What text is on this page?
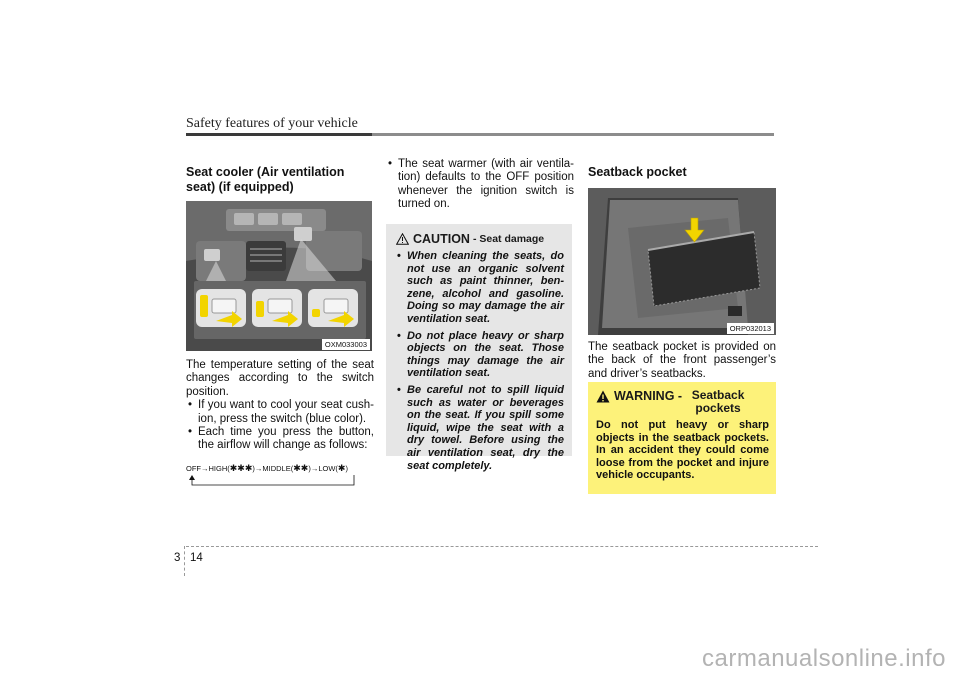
Safety features of your vehicle
Seat cooler (Air ventilation seat) (if equipped)
OXM033003

The temperature setting of the seat changes according to the switch position.

• If you want to cool your seat cush-ion, press the switch (blue color).
• Each time you press the button, the airflow will change as follows:
OFF → HIGH( ✱✱✱ ) → MIDDLE( ✱✱ ) → LOW( ✱ )
• The seat warmer (with air ventila-tion) defaults to the OFF position whenever the ignition switch is turned on.
CAUTION - Seat damage
• When cleaning the seats, do not use an organic solvent such as paint thinner, ben-zene, alcohol and gasoline. Doing so may damage the air ventilation seat.
• Do not place heavy or sharp objects on the seat. Those things may damage the air ventilation seat.
• Be careful not to spill liquid such as water or beverages on the seat. If you spill some liquid, wipe the seat with a dry towel. Before using the air ventilation seat, dry the seat completely.
Seatback pocket
ORP032013

The seatback pocket is provided on the back of the front passenger’s and driver’s seatbacks.

WARNING - Seatback pockets

Do not put heavy or sharp objects in the seatback pockets. In an accident they could come loose from the pocket and injure vehicle occupants.

3 14
carmanualsonline.info
